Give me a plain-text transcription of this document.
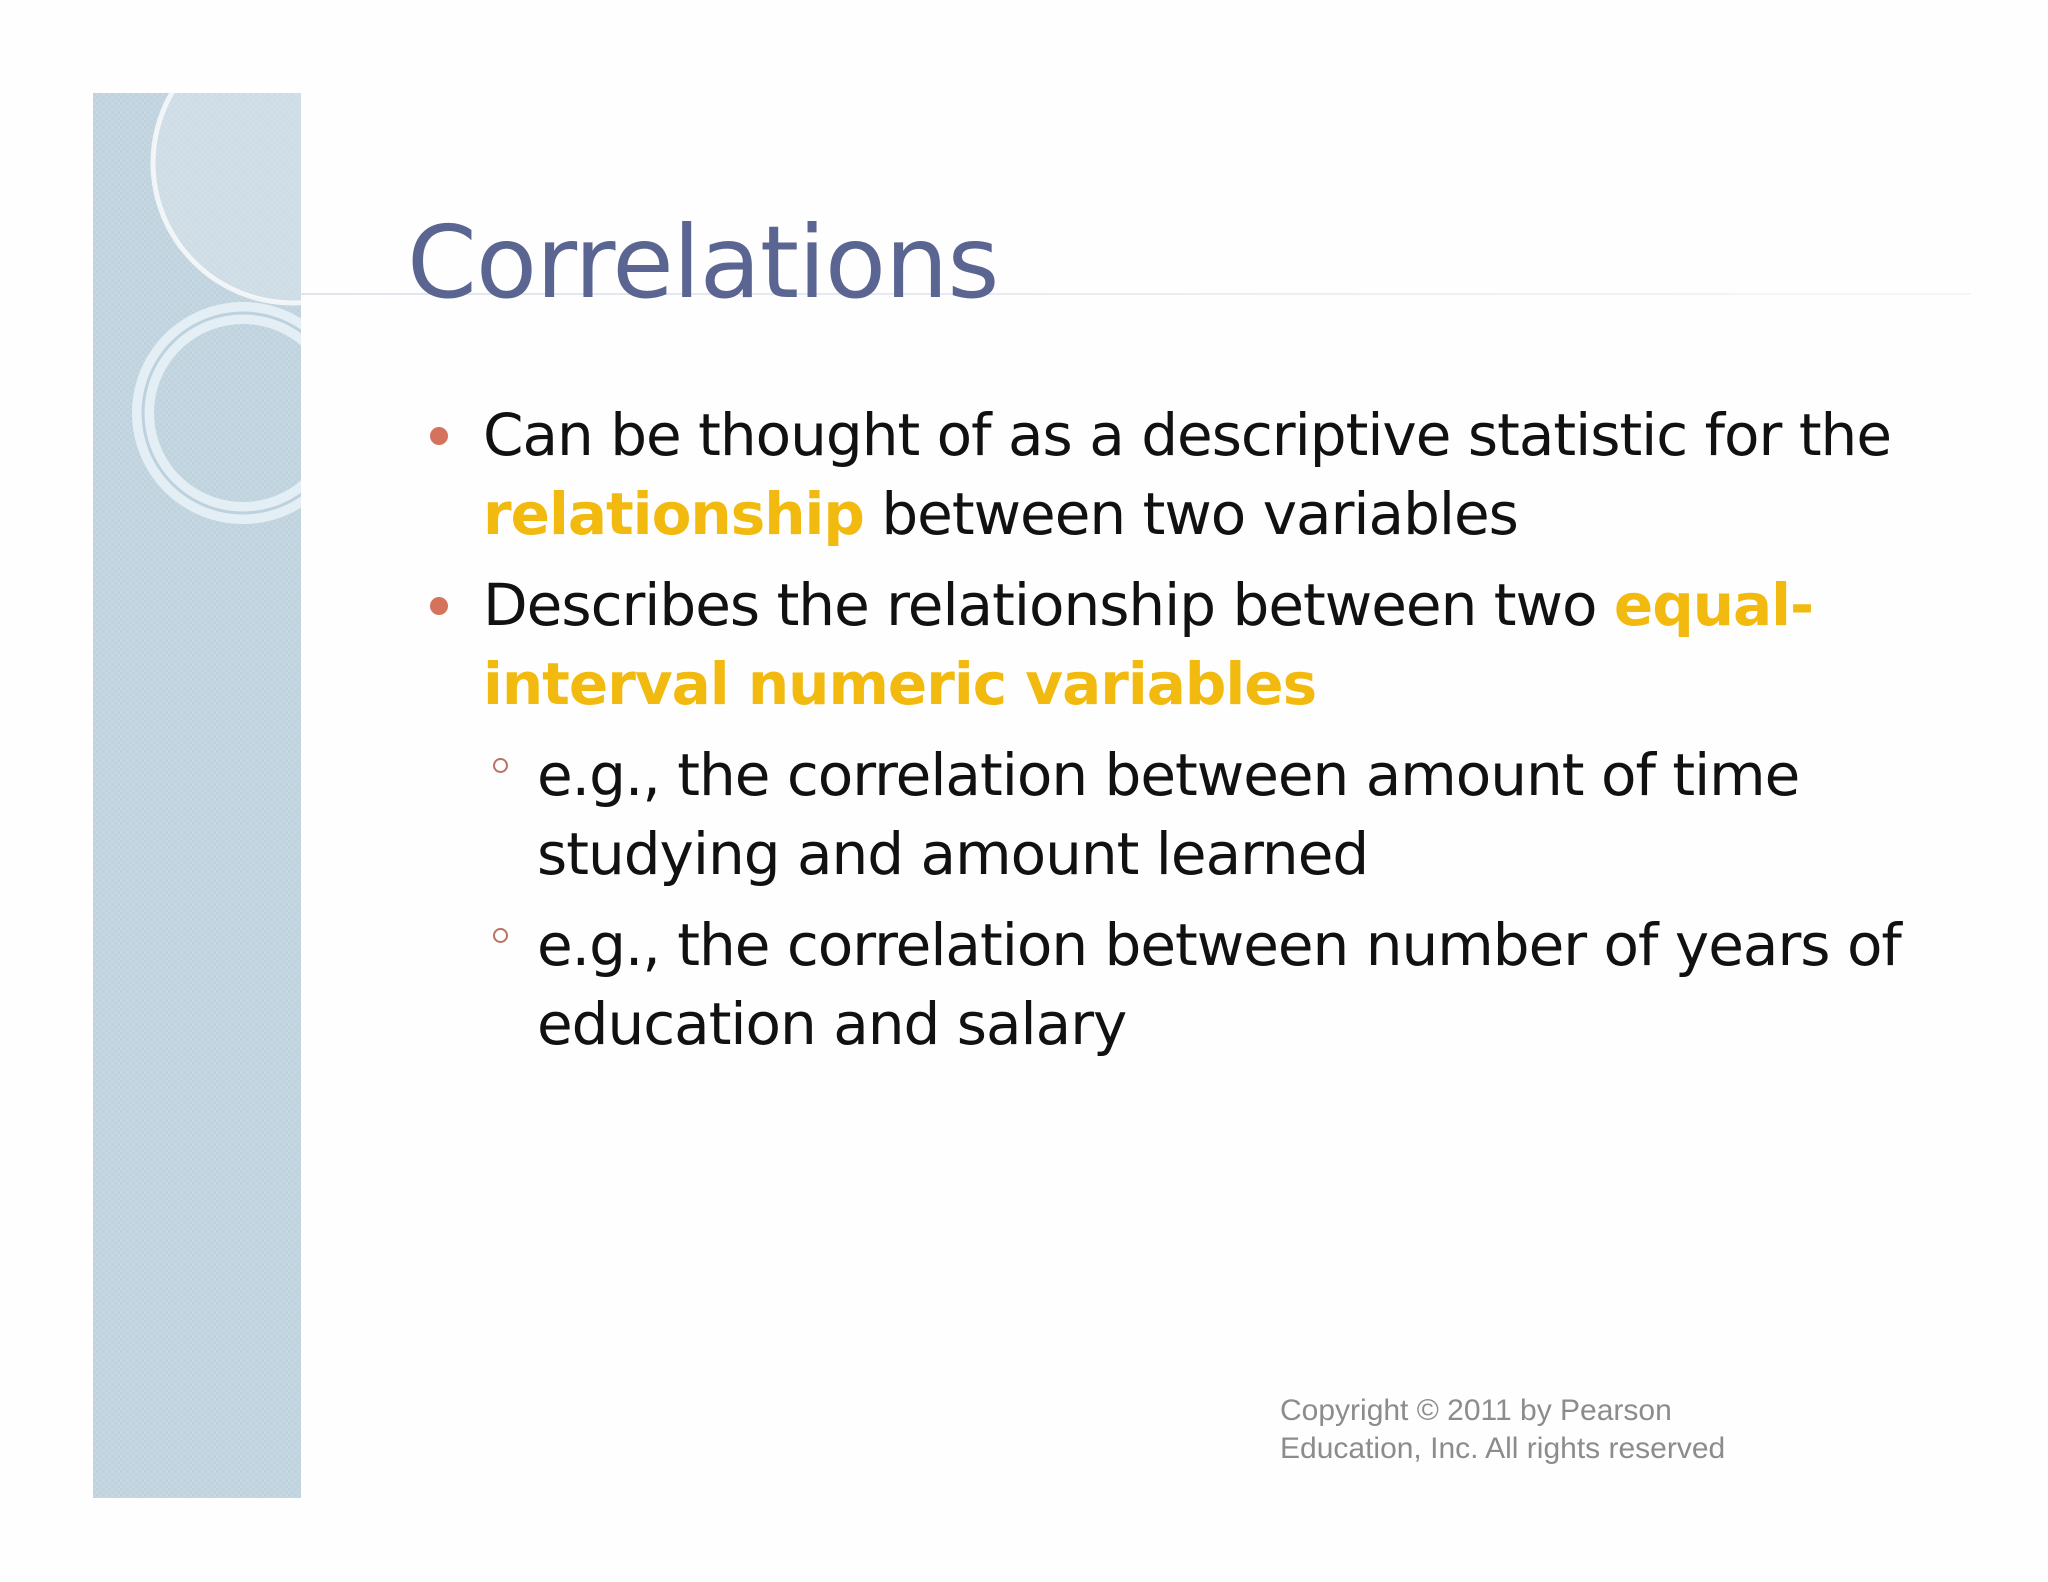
Correlations
Can be thought of as a descriptive statistic for the relationship between two variables
Describes the relationship between two equal-interval numeric variables
e.g., the correlation between amount of time studying and amount learned
e.g., the correlation between number of years of education and salary
Copyright © 2011 by Pearson
Education, Inc. All rights reserved
